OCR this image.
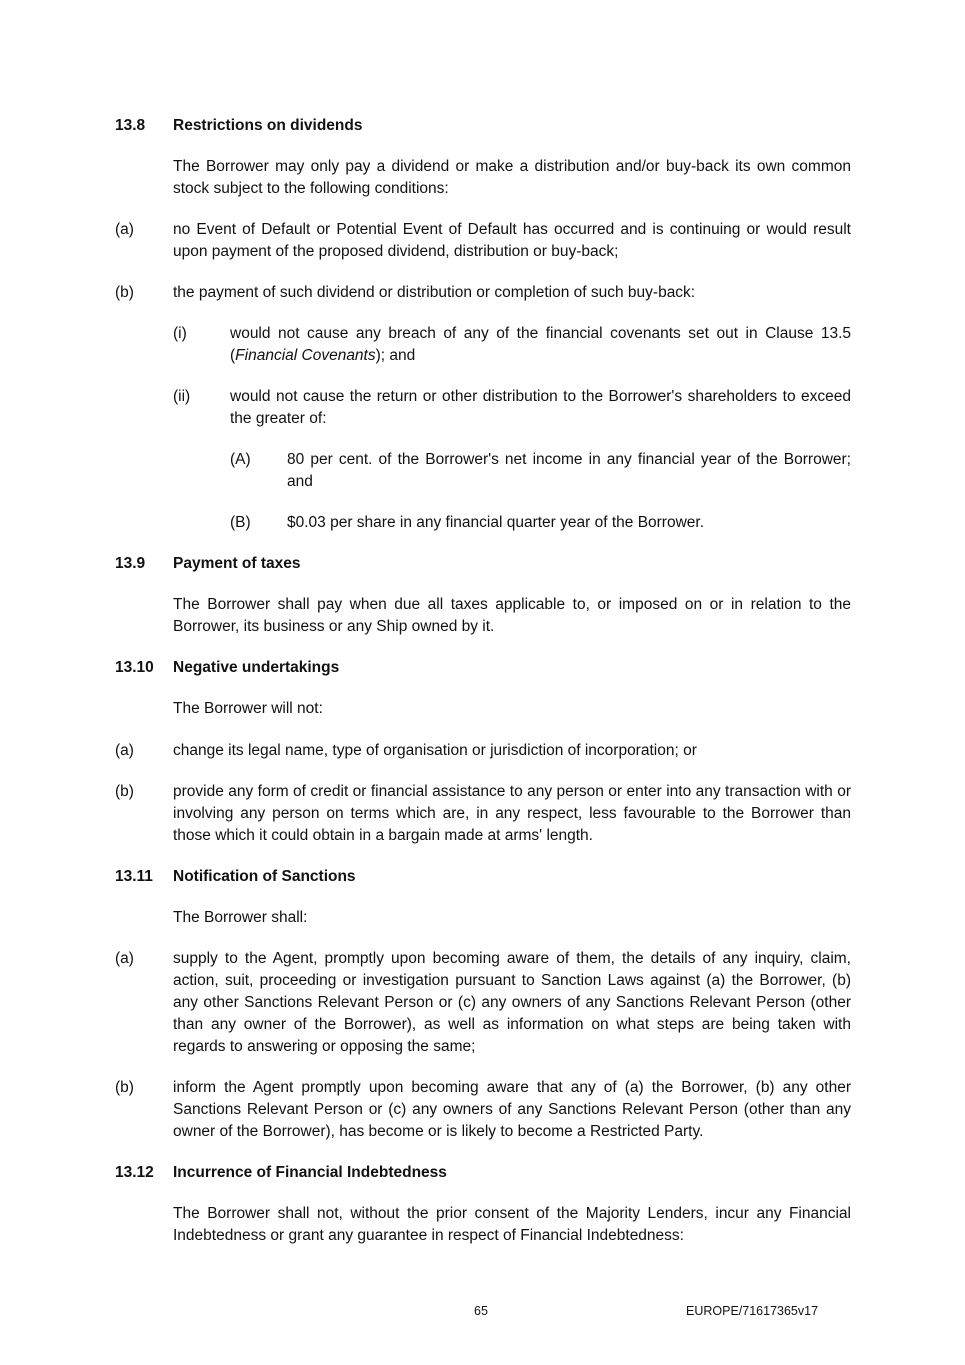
13.8 Restrictions on dividends
The Borrower may only pay a dividend or make a distribution and/or buy-back its own common stock subject to the following conditions:
(a)	no Event of Default or Potential Event of Default has occurred and is continuing or would result upon payment of the proposed dividend, distribution or buy-back;
(b)	the payment of such dividend or distribution or completion of such buy-back:
(i)	would not cause any breach of any of the financial covenants set out in Clause 13.5 (Financial Covenants); and
(ii)	would not cause the return or other distribution to the Borrower's shareholders to exceed the greater of:
(A) 80 per cent. of the Borrower's net income in any financial year of the Borrower; and
(B) $0.03 per share in any financial quarter year of the Borrower.
13.9 Payment of taxes
The Borrower shall pay when due all taxes applicable to, or imposed on or in relation to the Borrower, its business or any Ship owned by it.
13.10 Negative undertakings
The Borrower will not:
(a)	change its legal name, type of organisation or jurisdiction of incorporation; or
(b)	provide any form of credit or financial assistance to any person or enter into any transaction with or involving any person on terms which are, in any respect, less favourable to the Borrower than those which it could obtain in a bargain made at arms' length.
13.11 Notification of Sanctions
The Borrower shall:
(a)	supply to the Agent, promptly upon becoming aware of them, the details of any inquiry, claim, action, suit, proceeding or investigation pursuant to Sanction Laws against (a) the Borrower, (b) any other Sanctions Relevant Person or (c) any owners of any Sanctions Relevant Person (other than any owner of the Borrower), as well as information on what steps are being taken with regards to answering or opposing the same;
(b)	inform the Agent promptly upon becoming aware that any of (a) the Borrower, (b) any other Sanctions Relevant Person or (c) any owners of any Sanctions Relevant Person (other than any owner of the Borrower), has become or is likely to become a Restricted Party.
13.12 Incurrence of Financial Indebtedness
The Borrower shall not, without the prior consent of the Majority Lenders, incur any Financial Indebtedness or grant any guarantee in respect of Financial Indebtedness:
65	EUROPE/71617365v17
